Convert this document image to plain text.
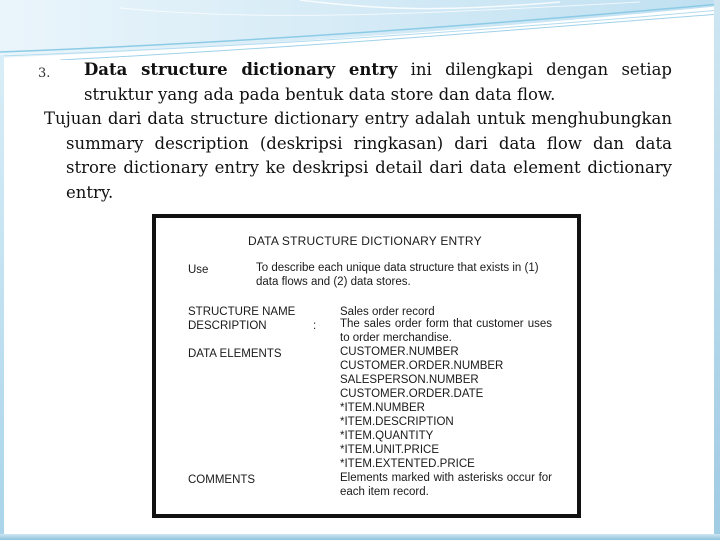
3. Data structure dictionary entry ini dilengkapi dengan setiap struktur yang ada pada bentuk data store dan data flow.

Tujuan dari data structure dictionary entry adalah untuk menghubungkan summary description (deskripsi ringkasan) dari data flow dan data strore dictionary entry ke deskripsi detail dari data element dictionary entry.

DATA STRUCTURE DICTIONARY ENTRY
Use	To describe each unique data structure that exists in (1) data flows and (2) data stores.
STRUCTURE NAME	Sales order record
DESCRIPTION	: The sales order form that customer uses to order merchandise.
DATA ELEMENTS	CUSTOMER.NUMBER
CUSTOMER.ORDER.NUMBER
SALESPERSON.NUMBER
CUSTOMER.ORDER.DATE
*ITEM.NUMBER
*ITEM.DESCRIPTION
*ITEM.QUANTITY
*ITEM.UNIT.PRICE
*ITEM.EXTENTED.PRICE
COMMENTS	Elements marked with asterisks occur for each item record.
